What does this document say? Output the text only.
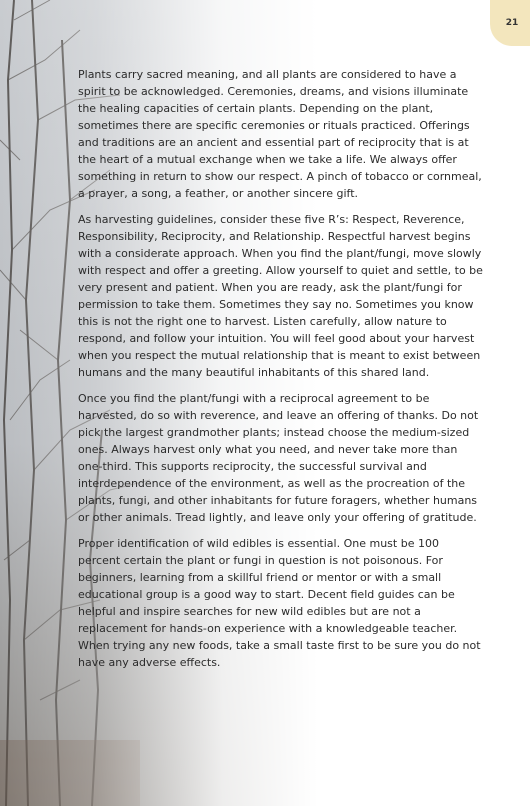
21

Plants carry sacred meaning, and all plants are considered to have a spirit to be acknowledged. Ceremonies, dreams, and visions illuminate the healing capacities of certain plants. Depending on the plant, sometimes there are specific ceremonies or rituals practiced. Offerings and traditions are an ancient and essential part of reciprocity that is at the heart of a mutual exchange when we take a life. We always offer something in return to show our respect. A pinch of tobacco or cornmeal, a prayer, a song, a feather, or another sincere gift.

As harvesting guidelines, consider these five R’s: Respect, Reverence, Responsibility, Reciprocity, and Relationship. Respectful harvest begins with a considerate approach. When you find the plant/fungi, move slowly with respect and offer a greeting. Allow yourself to quiet and settle, to be very present and patient. When you are ready, ask the plant/fungi for permission to take them. Sometimes they say no. Sometimes you know this is not the right one to harvest. Listen carefully, allow nature to respond, and follow your intuition. You will feel good about your harvest when you respect the mutual relationship that is meant to exist between humans and the many beautiful inhabitants of this shared land.

Once you find the plant/fungi with a reciprocal agreement to be harvested, do so with reverence, and leave an offering of thanks. Do not pick the largest grandmother plants; instead choose the medium-sized ones. Always harvest only what you need, and never take more than one-third. This supports reciprocity, the successful survival and interdependence of the environment, as well as the procreation of the plants, fungi, and other inhabitants for future foragers, whether humans or other animals. Tread lightly, and leave only your offering of gratitude.

Proper identification of wild edibles is essential. One must be 100 percent certain the plant or fungi in question is not poisonous. For beginners, learning from a skillful friend or mentor or with a small educational group is a good way to start. Decent field guides can be helpful and inspire searches for new wild edibles but are not a replacement for hands-on experience with a knowledgeable teacher. When trying any new foods, take a small taste first to be sure you do not have any adverse effects.
